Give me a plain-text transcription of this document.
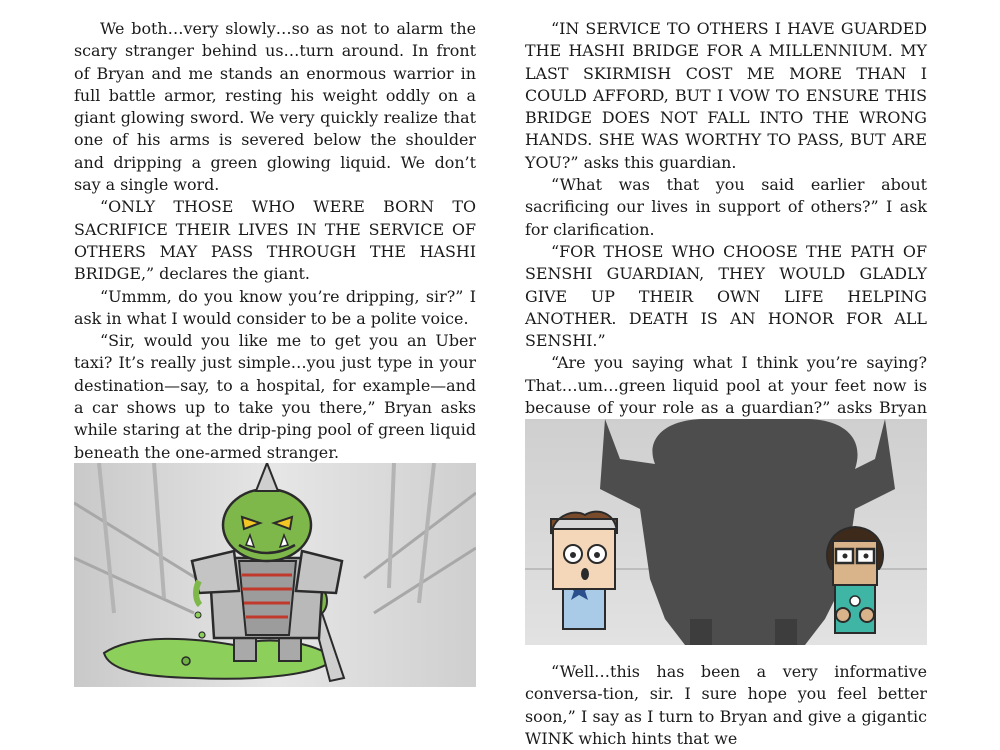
We both…very slowly…so as not to alarm the scary stranger behind us…turn around. In front of Bryan and me stands an enormous warrior in full battle armor, resting his weight oddly on a giant glowing sword. We very quickly realize that one of his arms is severed below the shoulder and dripping a green glowing liquid. We don’t say a single word.

“ONLY THOSE WHO WERE BORN TO SACRIFICE THEIR LIVES IN THE SERVICE OF OTHERS MAY PASS THROUGH THE HASHI BRIDGE,” declares the giant.

“Ummm, do you know you’re dripping, sir?” I ask in what I would consider to be a polite voice.

“Sir, would you like me to get you an Uber taxi? It’s really just simple…you just type in your destination—say, to a hospital, for example—and a car shows up to take you there,” Bryan asks while staring at the drip-ping pool of green liquid beneath the one-armed stranger.

“IN SERVICE TO OTHERS I HAVE GUARDED THE HASHI BRIDGE FOR A MILLENNIUM. MY LAST SKIRMISH COST ME MORE THAN I COULD AFFORD, BUT I VOW TO ENSURE THIS BRIDGE DOES NOT FALL INTO THE WRONG HANDS. SHE WAS WORTHY TO PASS, BUT ARE YOU?” asks this guardian.

“What was that you said earlier about sacrificing our lives in support of others?” I ask for clarification.

“FOR THOSE WHO CHOOSE THE PATH OF SENSHI GUARDIAN, THEY WOULD GLADLY GIVE UP THEIR OWN LIFE HELPING ANOTHER. DEATH IS AN HONOR FOR ALL SENSHI.”

“Are you saying what I think you’re saying? That…um…green liquid pool at your feet now is because of your role as a guardian?” asks Bryan

“Well…this has been a very informative conversa-tion, sir. I sure hope you feel better soon,” I say as I turn to Bryan and give a gigantic WINK which hints that we
